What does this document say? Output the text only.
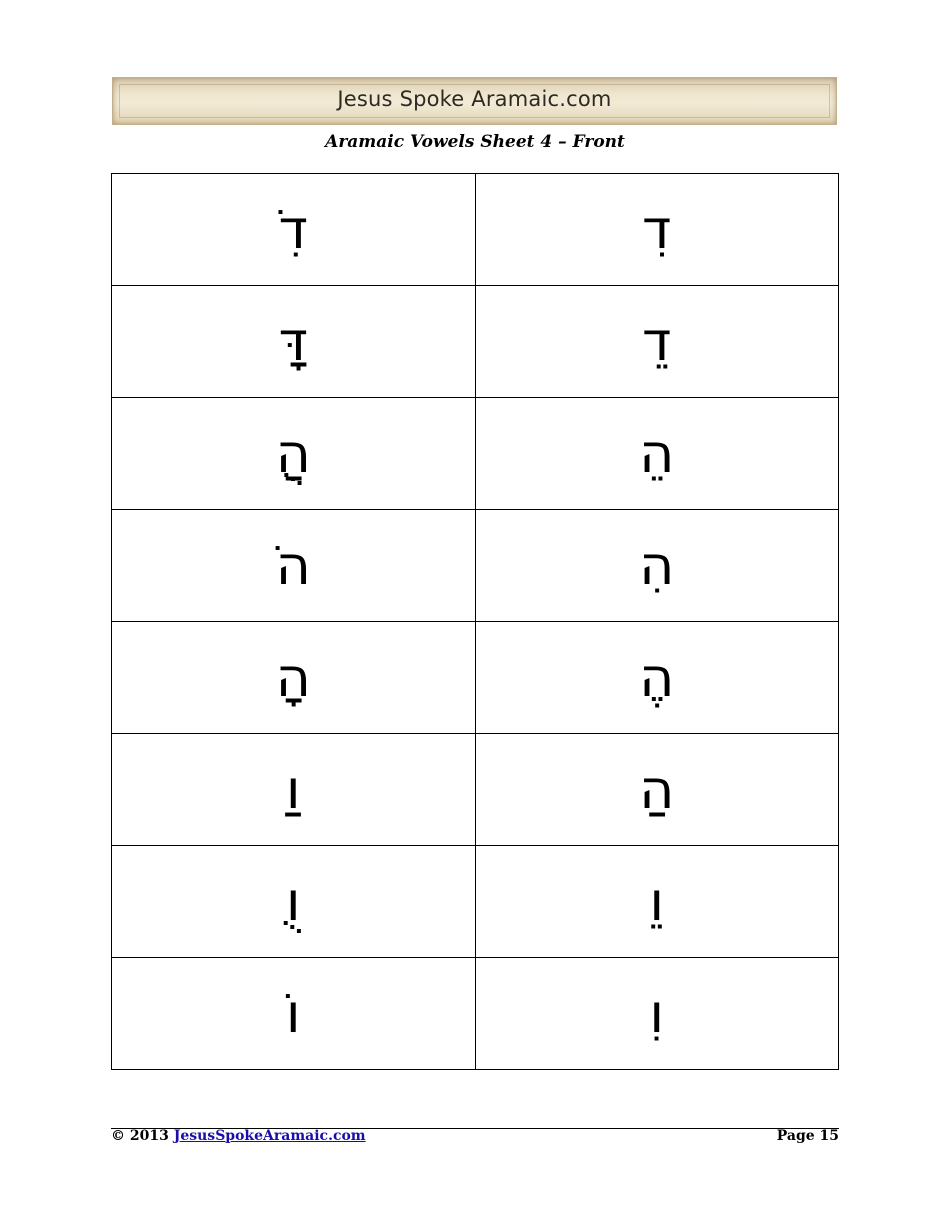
Jesus Spoke Aramaic.com
Aramaic Vowels Sheet 4 – Front
דִֹ	דִִ
דָּ	דֵ
הַֻ	הֵ
הֹ	הִ
הָ	הֶ
וַ	הַ
וֻ	וֵ
וֹ	וִ
© 2013 JesusSpokeAramaic.com	Page 15
